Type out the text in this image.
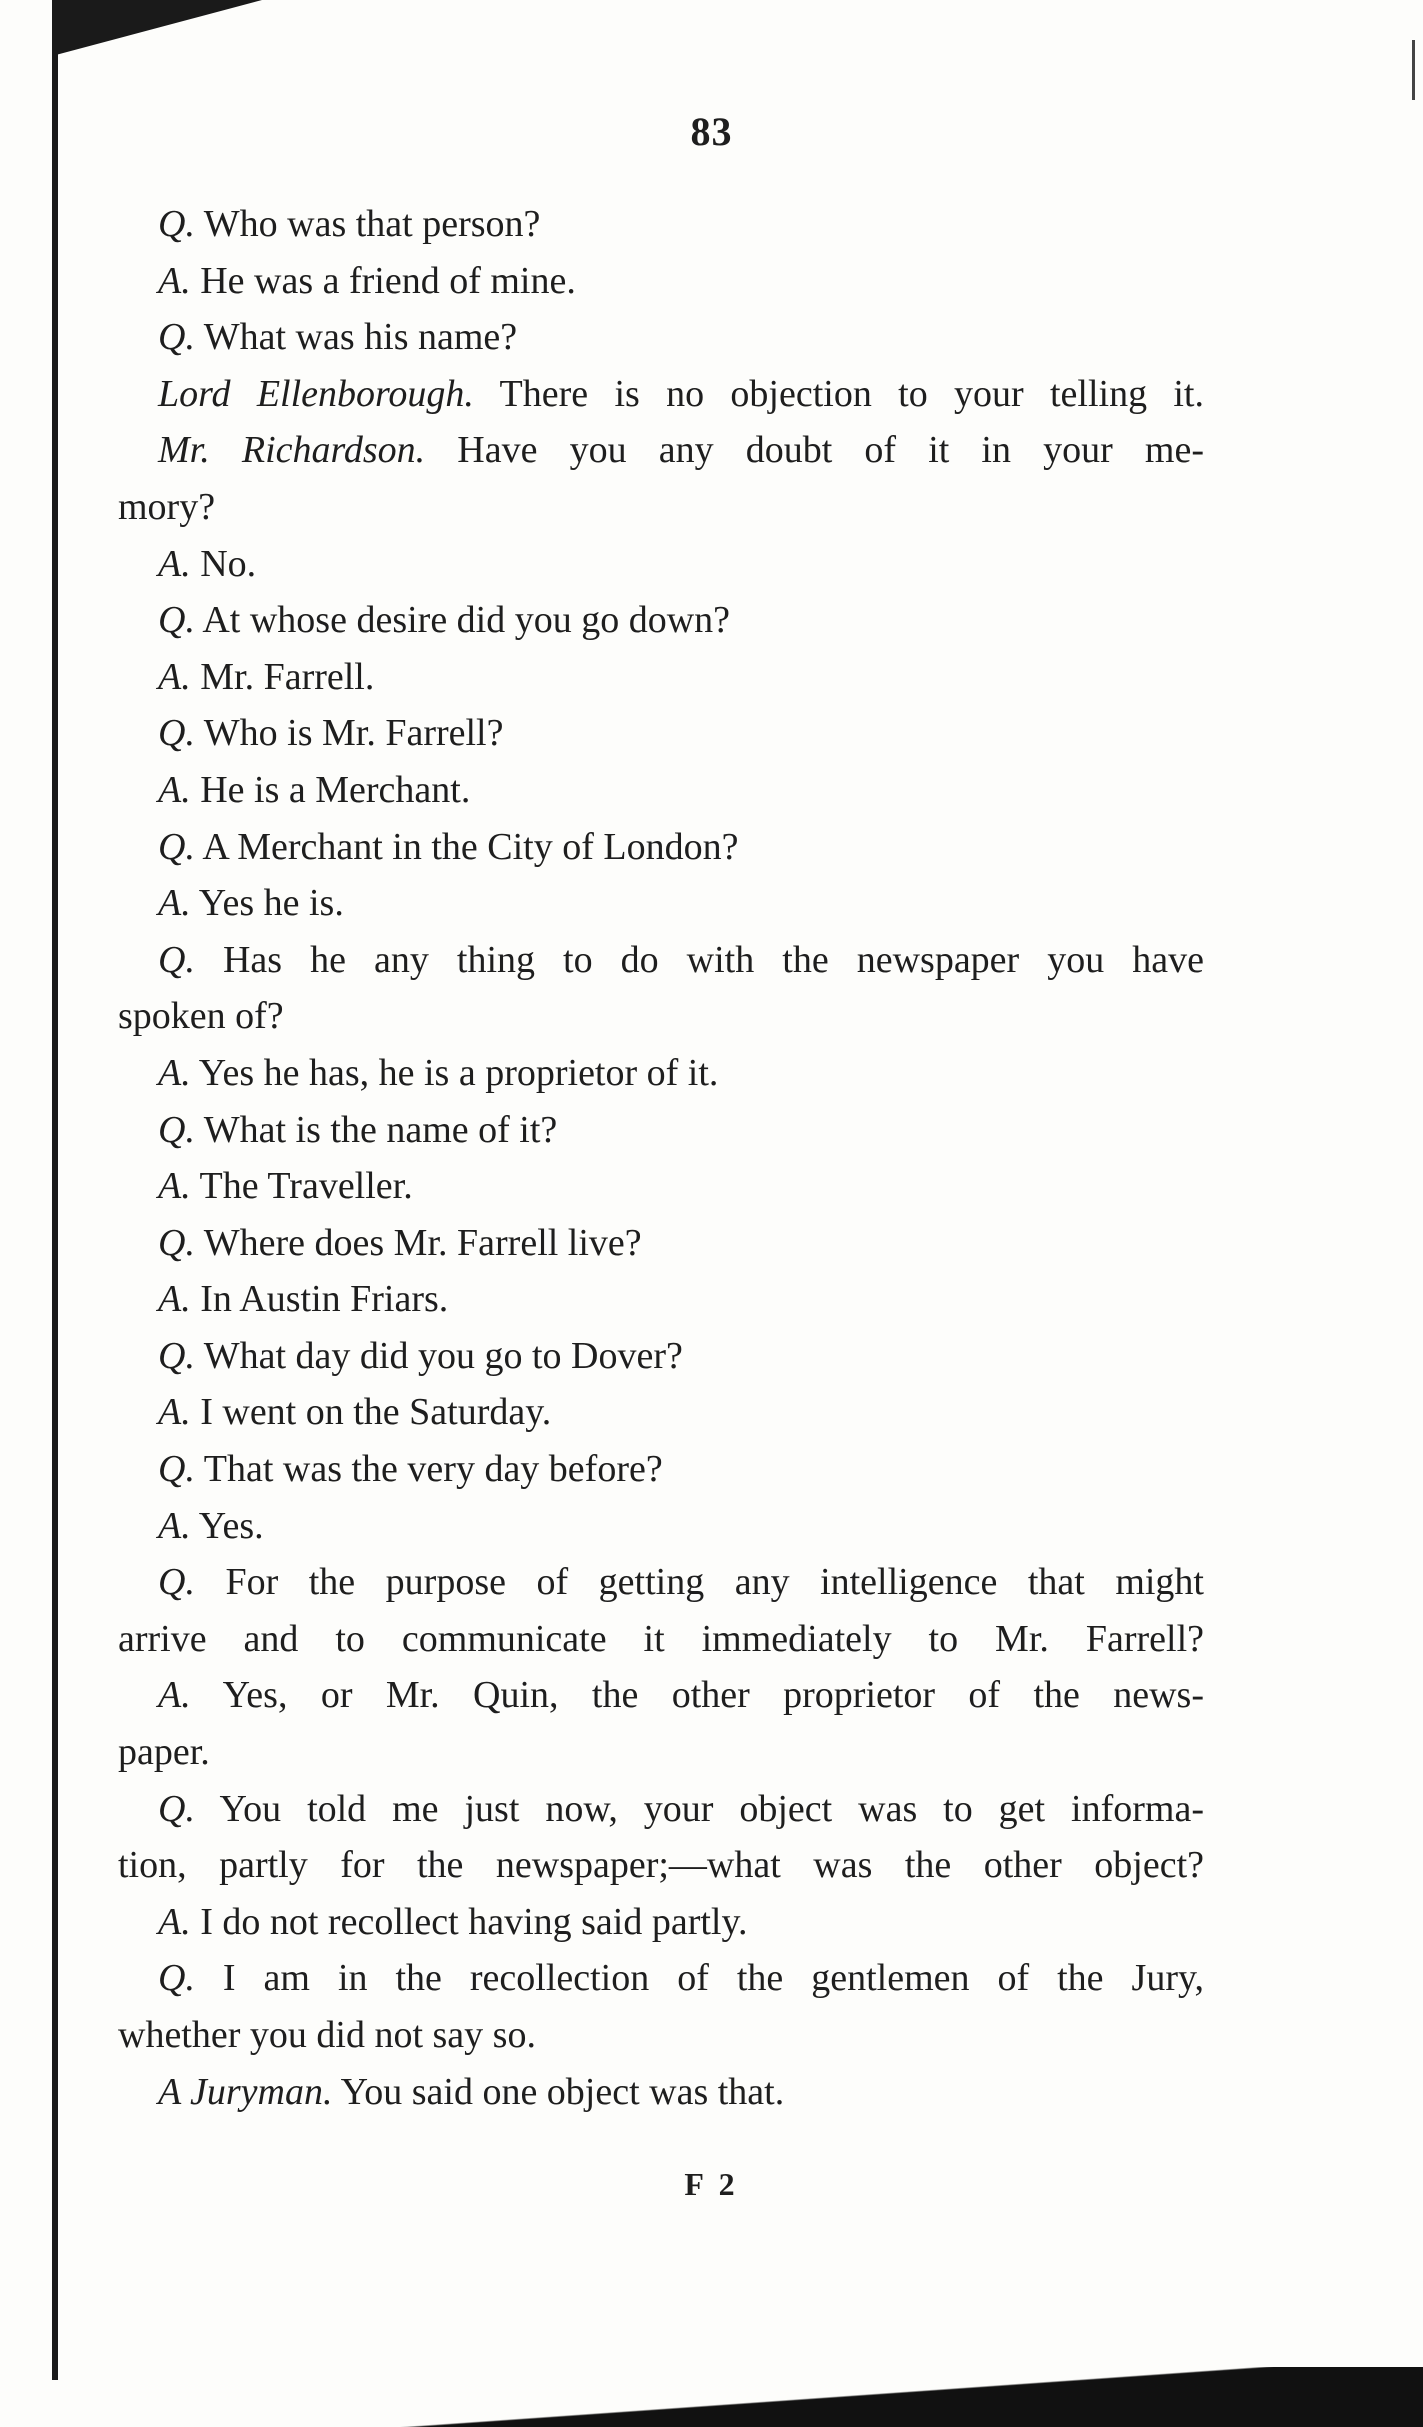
83
Q. Who was that person?
A. He was a friend of mine.
Q. What was his name?
Lord Ellenborough. There is no objection to your telling it.
Mr. Richardson. Have you any doubt of it in your me-
mory?
A. No.
Q. At whose desire did you go down?
A. Mr. Farrell.
Q. Who is Mr. Farrell?
A. He is a Merchant.
Q. A Merchant in the City of London?
A. Yes he is.
Q. Has he any thing to do with the newspaper you have
spoken of?
A. Yes he has, he is a proprietor of it.
Q. What is the name of it?
A. The Traveller.
Q. Where does Mr. Farrell live?
A. In Austin Friars.
Q. What day did you go to Dover?
A. I went on the Saturday.
Q. That was the very day before?
A. Yes.
Q. For the purpose of getting any intelligence that might
arrive and to communicate it immediately to Mr. Farrell?
A. Yes, or Mr. Quin, the other proprietor of the news-
paper.
Q. You told me just now, your object was to get informa-
tion, partly for the newspaper;—what was the other object?
A. I do not recollect having said partly.
Q. I am in the recollection of the gentlemen of the Jury,
whether you did not say so.
A Juryman. You said one object was that.
F 2
